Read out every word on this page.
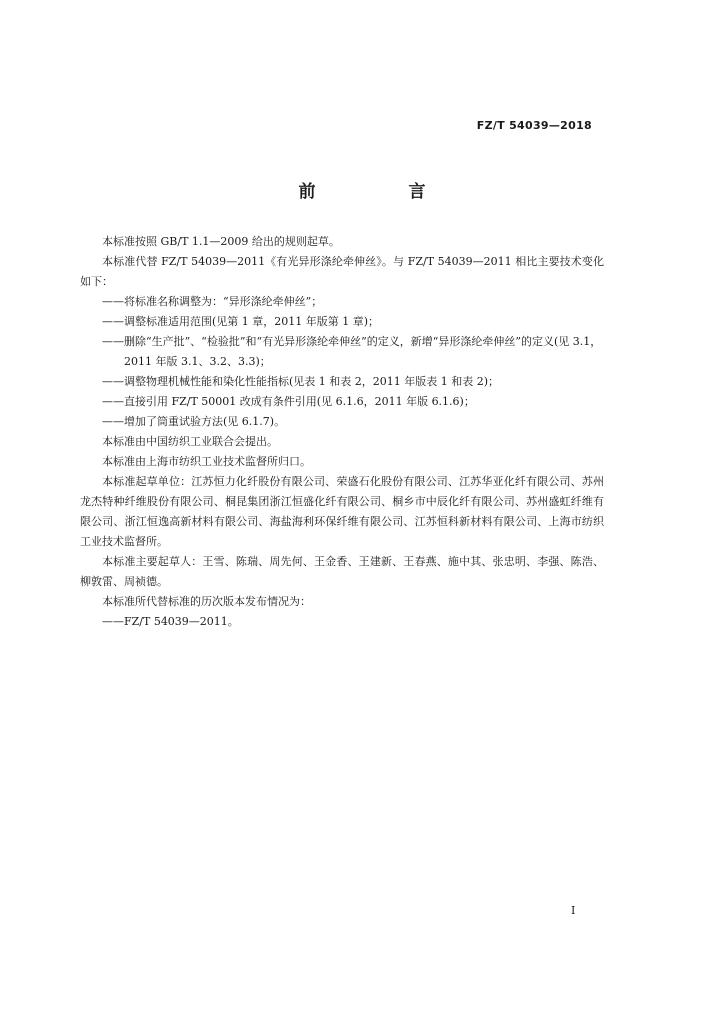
FZ/T 54039—2018
前　言

本标准按照 GB/T 1.1—2009 给出的规则起草。

本标准代替 FZ/T 54039—2011《有光异形涤纶牵伸丝》。与 FZ/T 54039—2011 相比主要技术变化如下：

——将标准名称调整为：“异形涤纶牵伸丝”；

——调整标准适用范围(见第 1 章，2011 年版第 1 章)；

——删除“生产批”、“检验批”和“有光异形涤纶牵伸丝”的定义，新增“异形涤纶牵伸丝”的定义(见 3.1，2011 年版 3.1、3.2、3.3)；

——调整物理机械性能和染化性能指标(见表 1 和表 2，2011 年版表 1 和表 2)；

——直接引用 FZ/T 50001 改成有条件引用(见 6.1.6，2011 年版 6.1.6)；

——增加了筒重试验方法(见 6.1.7)。

本标准由中国纺织工业联合会提出。

本标准由上海市纺织工业技术监督所归口。

本标准起草单位：江苏恒力化纤股份有限公司、荣盛石化股份有限公司、江苏华亚化纤有限公司、苏州龙杰特种纤维股份有限公司、桐昆集团浙江恒盛化纤有限公司、桐乡市中辰化纤有限公司、苏州盛虹纤维有限公司、浙江恒逸高新材料有限公司、海盐海利环保纤维有限公司、江苏恒科新材料有限公司、上海市纺织工业技术监督所。

本标准主要起草人：王雪、陈瑞、周先何、王金香、王建新、王春燕、施中其、张忠明、李强、陈浩、柳敦雷、周祯德。

本标准所代替标准的历次版本发布情况为：

——FZ/T 54039—2011。

I
